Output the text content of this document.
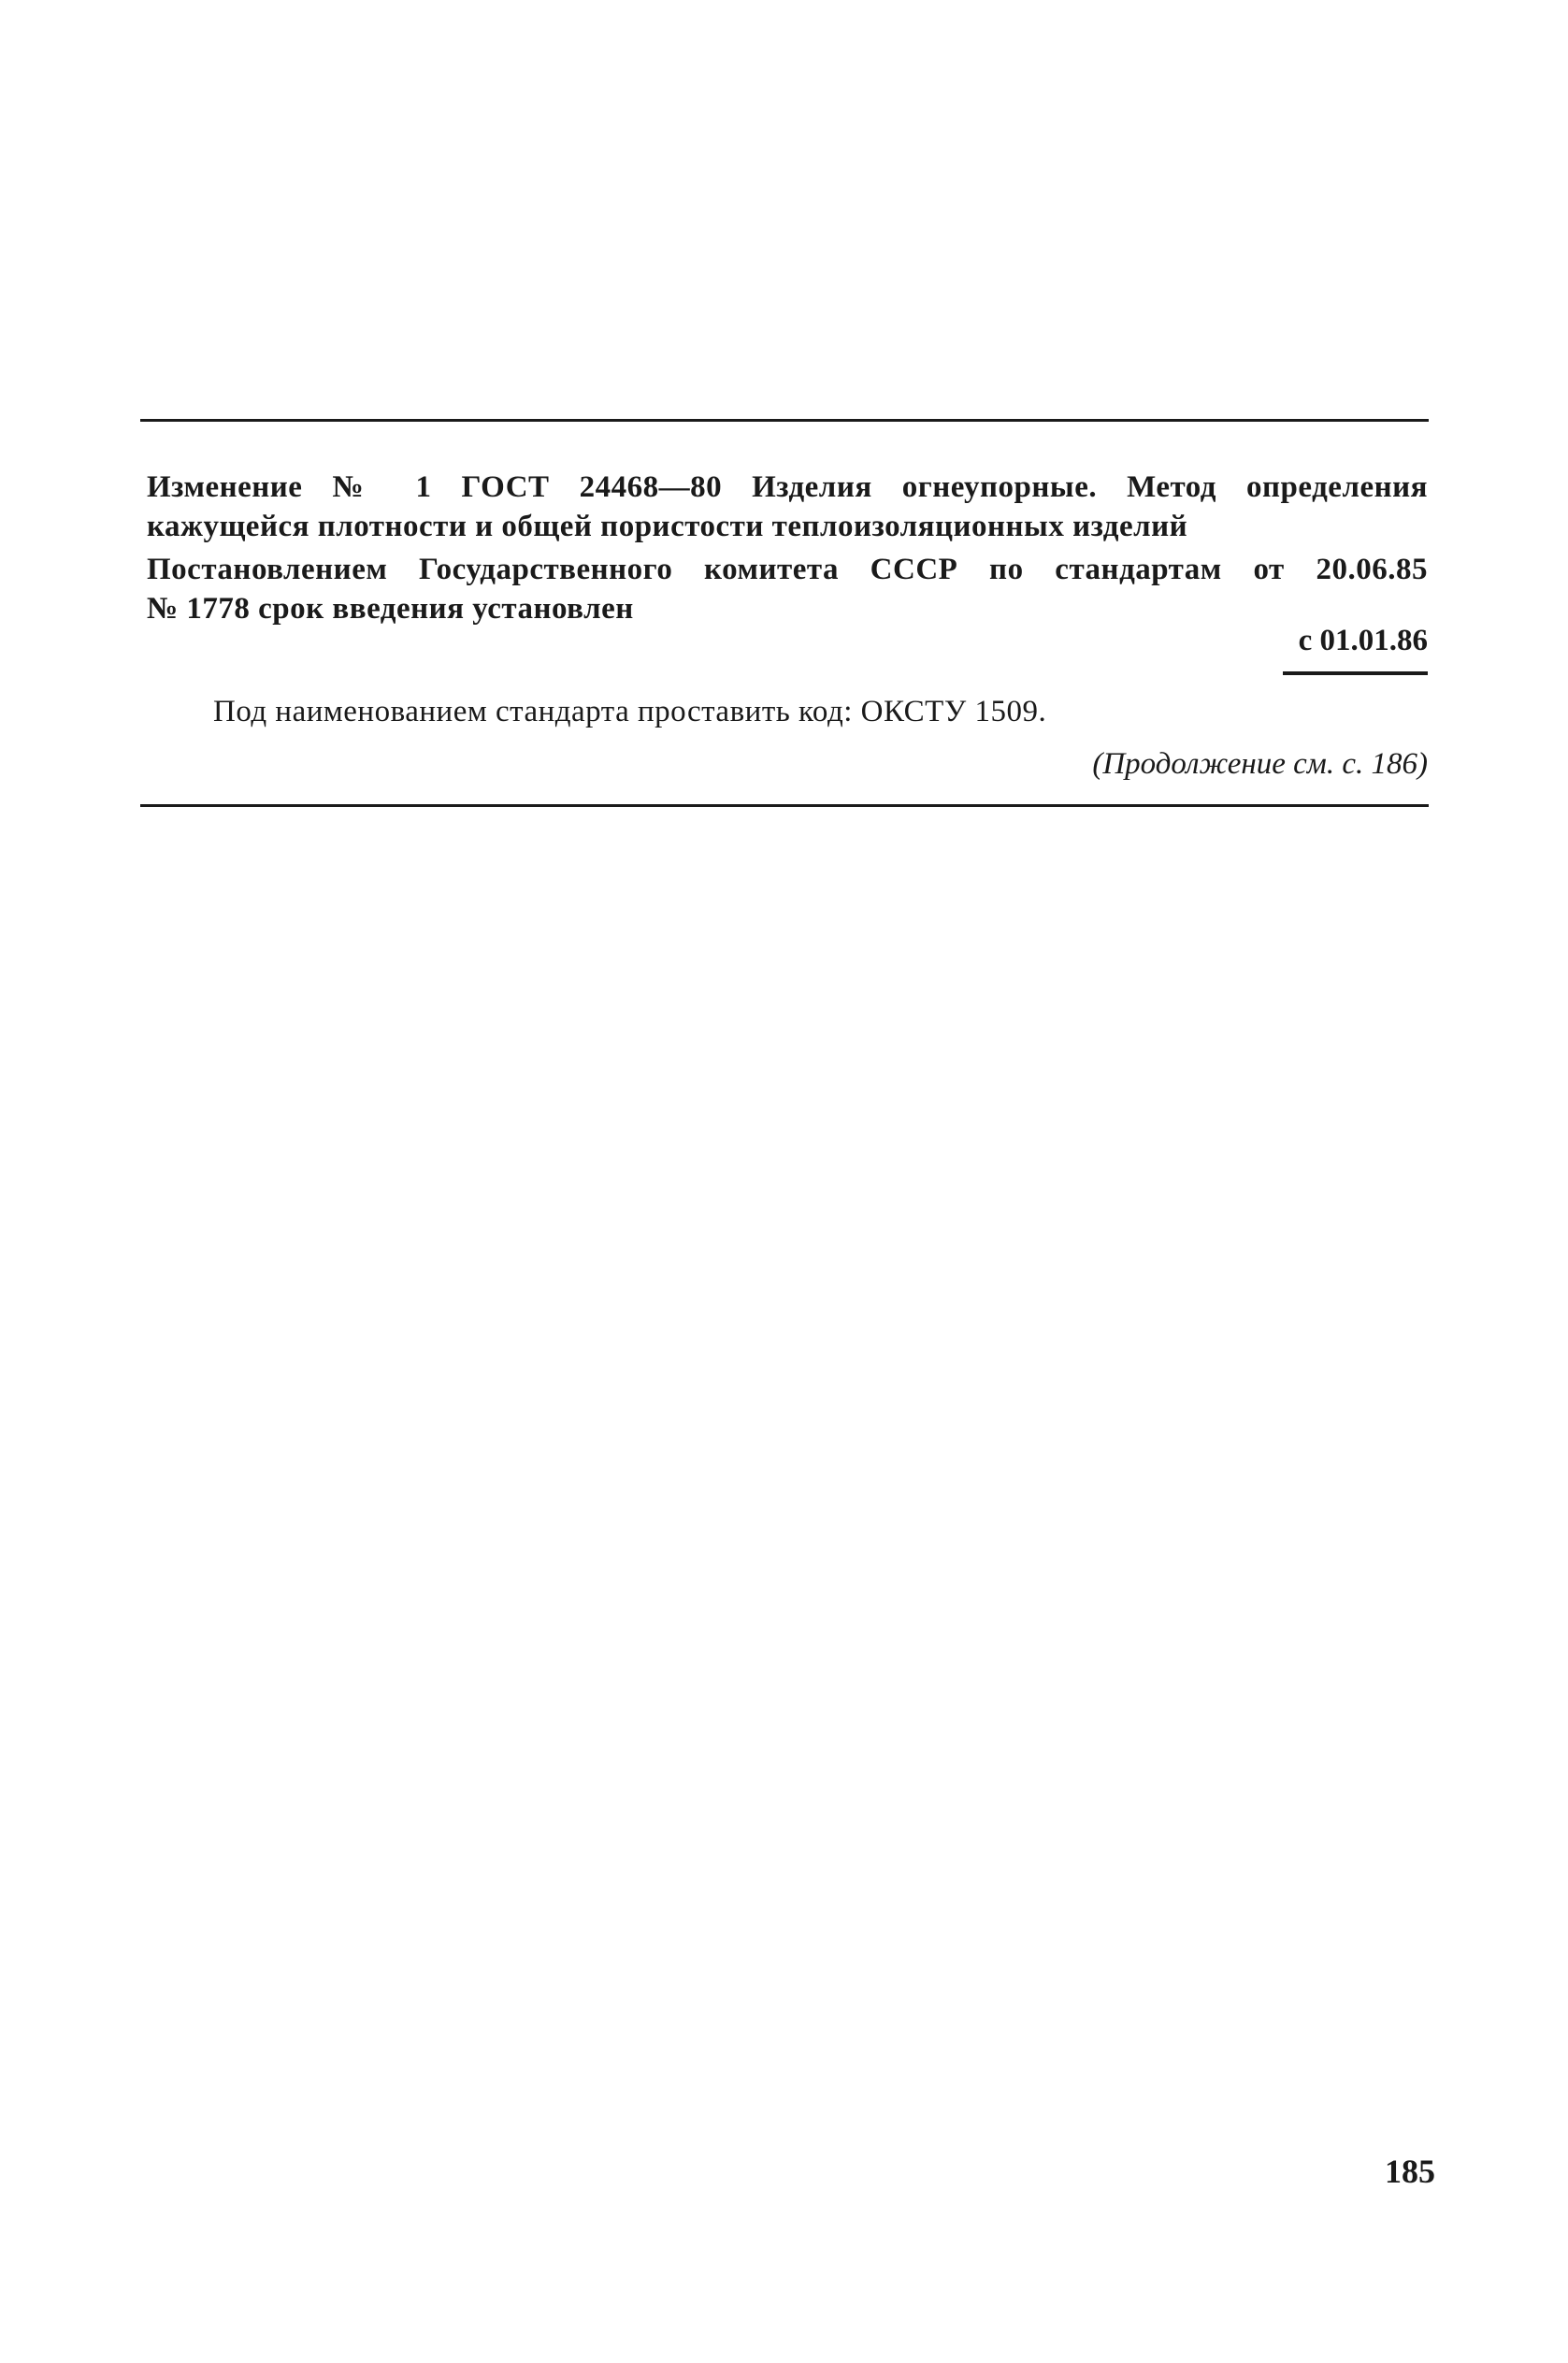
Изменение № 1 ГОСТ 24468—80 Изделия огнеупорные. Метод определения
кажущейся плотности и общей пористости теплоизоляционных изделий
Постановлением Государственного комитета СССР по стандартам от 20.06.85
№ 1778 срок введения установлен
с 01.01.86
Под наименованием стандарта проставить код: ОКСТУ 1509.
(Продолжение см. с. 186)
185
